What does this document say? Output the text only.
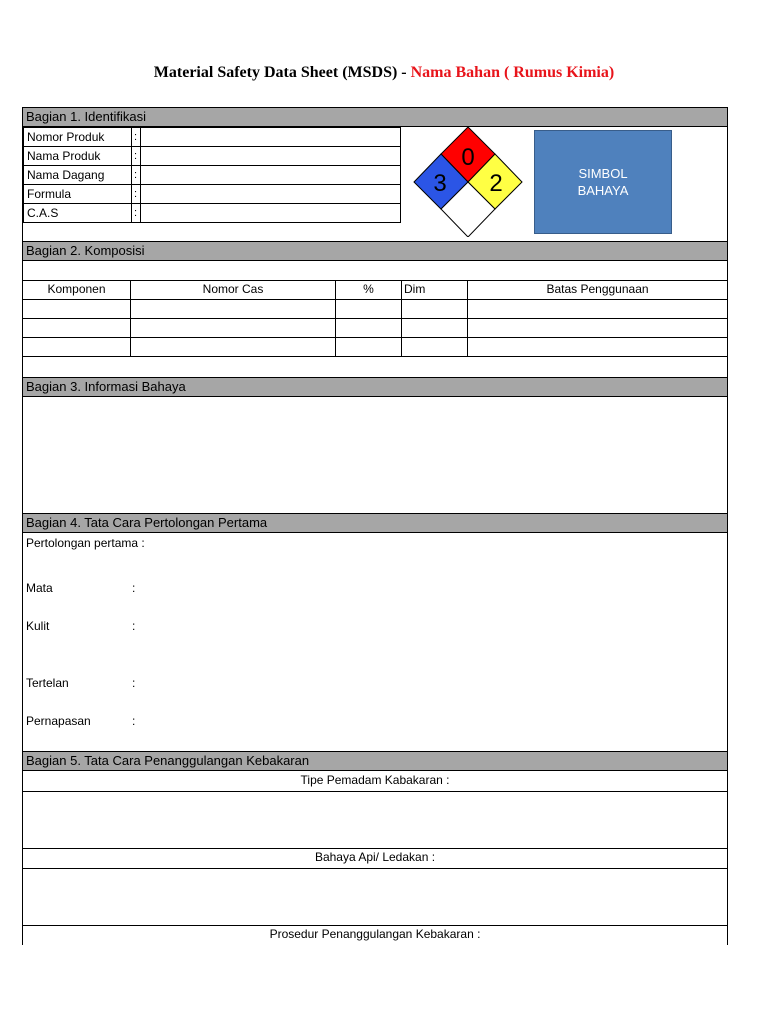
Material Safety Data Sheet (MSDS) - Nama Bahan ( Rumus Kimia)
Bagian 1. Identifikasi
Nomor Produk	:
Nama Produk	:
Nama Dagang	:
Formula	:
C.A.S	:
0
3 2	SIMBOL
BAHAYA
Bagian 2. Komposisi
Komponen	Nomor Cas	%	Dim	Batas Penggunaan
Bagian 3. Informasi Bahaya
Bagian 4. Tata Cara Pertolongan Pertama
Pertolongan pertama :
Mata	:
Kulit	:
Tertelan	:
Pernapasan	:
Bagian 5. Tata Cara Penanggulangan Kebakaran
Tipe Pemadam Kabakaran :
Bahaya Api/ Ledakan :
Prosedur Penanggulangan Kebakaran :
